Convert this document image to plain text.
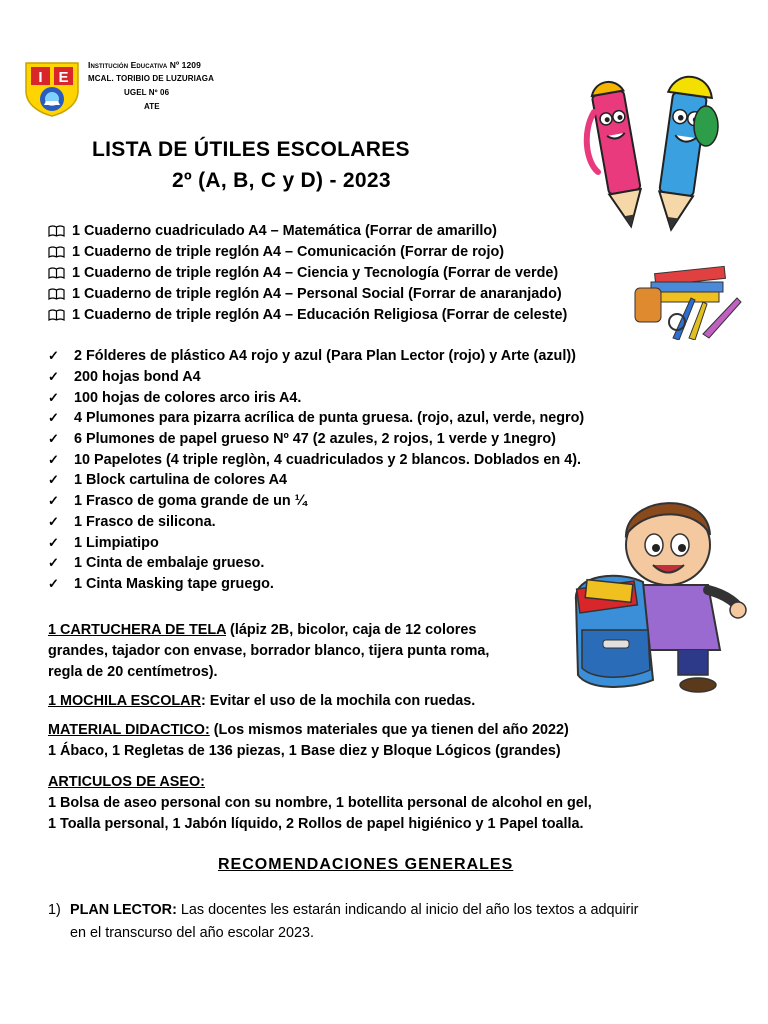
I E
Institución Educativa Nº 1209
MCAL. TORIBIO DE LUZURIAGA
UGEL Nº 06
ATE
LISTA DE ÚTILES ESCOLARES
2º (A, B, C y D) - 2023
1 Cuaderno cuadriculado A4 – Matemática (Forrar de amarillo)
1 Cuaderno de triple reglón A4 – Comunicación (Forrar de rojo)
1 Cuaderno de triple reglón A4 – Ciencia y Tecnología (Forrar de verde)
1 Cuaderno de triple reglón A4 – Personal Social (Forrar de anaranjado)
1 Cuaderno de triple reglón A4 – Educación Religiosa (Forrar de celeste)
✓	2 Fólderes de plástico A4 rojo y azul (Para Plan Lector (rojo) y Arte (azul))
✓	200 hojas bond A4
✓	100 hojas de colores arco iris A4.
✓	4 Plumones para pizarra acrílica de punta gruesa. (rojo, azul, verde, negro)
✓	6 Plumones de papel grueso Nº 47 (2 azules, 2 rojos, 1 verde y 1negro)
✓	10 Papelotes (4 triple reglòn, 4 cuadriculados y 2 blancos. Doblados en 4).
✓	1 Block cartulina de colores A4
✓	1 Frasco de goma grande de un ¼
✓	1 Frasco de silicona.
✓	1 Limpiatipo
✓	1 Cinta de embalaje grueso.
✓	1 Cinta Masking tape gruego.
1 CARTUCHERA DE TELA (lápiz 2B, bicolor, caja de 12 colores
grandes, tajador con envase, borrador blanco, tijera punta roma,
regla de 20 centímetros).
1 MOCHILA ESCOLAR: Evitar el uso de la mochila con ruedas.
MATERIAL DIDACTICO: (Los mismos materiales que ya tienen del año 2022)
1 Ábaco, 1 Regletas de 136 piezas, 1 Base diez y Bloque Lógicos (grandes)
ARTICULOS DE ASEO:
1 Bolsa de aseo personal con su nombre, 1 botellita personal de alcohol en gel,
1 Toalla personal, 1 Jabón líquido, 2 Rollos de papel higiénico y 1 Papel toalla.
RECOMENDACIONES GENERALES
1) PLAN LECTOR: Las docentes les estarán indicando al inicio del año los textos a adquirir
en el transcurso del año escolar 2023.
